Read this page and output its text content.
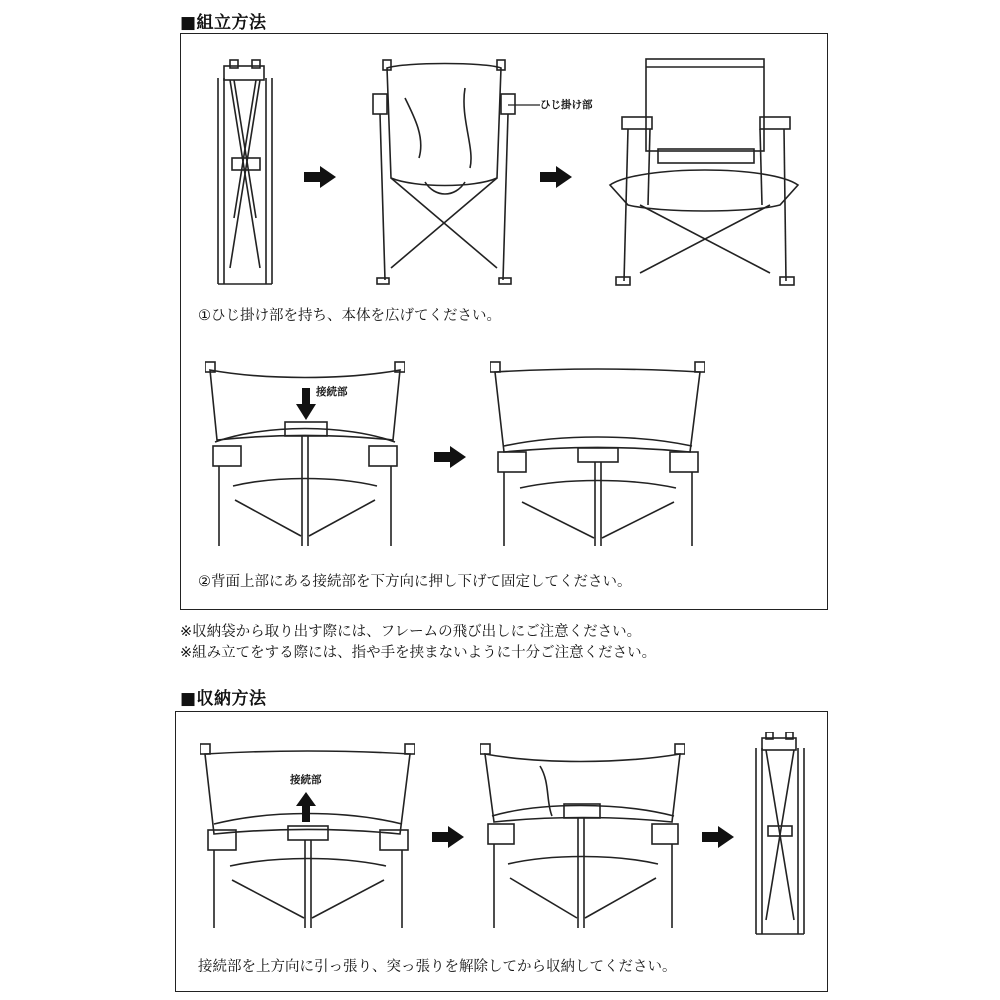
■組立方法
ひじ掛け部
①ひじ掛け部を持ち、本体を広げてください。
接続部
②背面上部にある接続部を下方向に押し下げて固定してください。
※収納袋から取り出す際には、フレームの飛び出しにご注意ください。
※組み立てをする際には、指や手を挟まないように十分ご注意ください。
■収納方法
接続部
接続部を上方向に引っ張り、突っ張りを解除してから収納してください。
